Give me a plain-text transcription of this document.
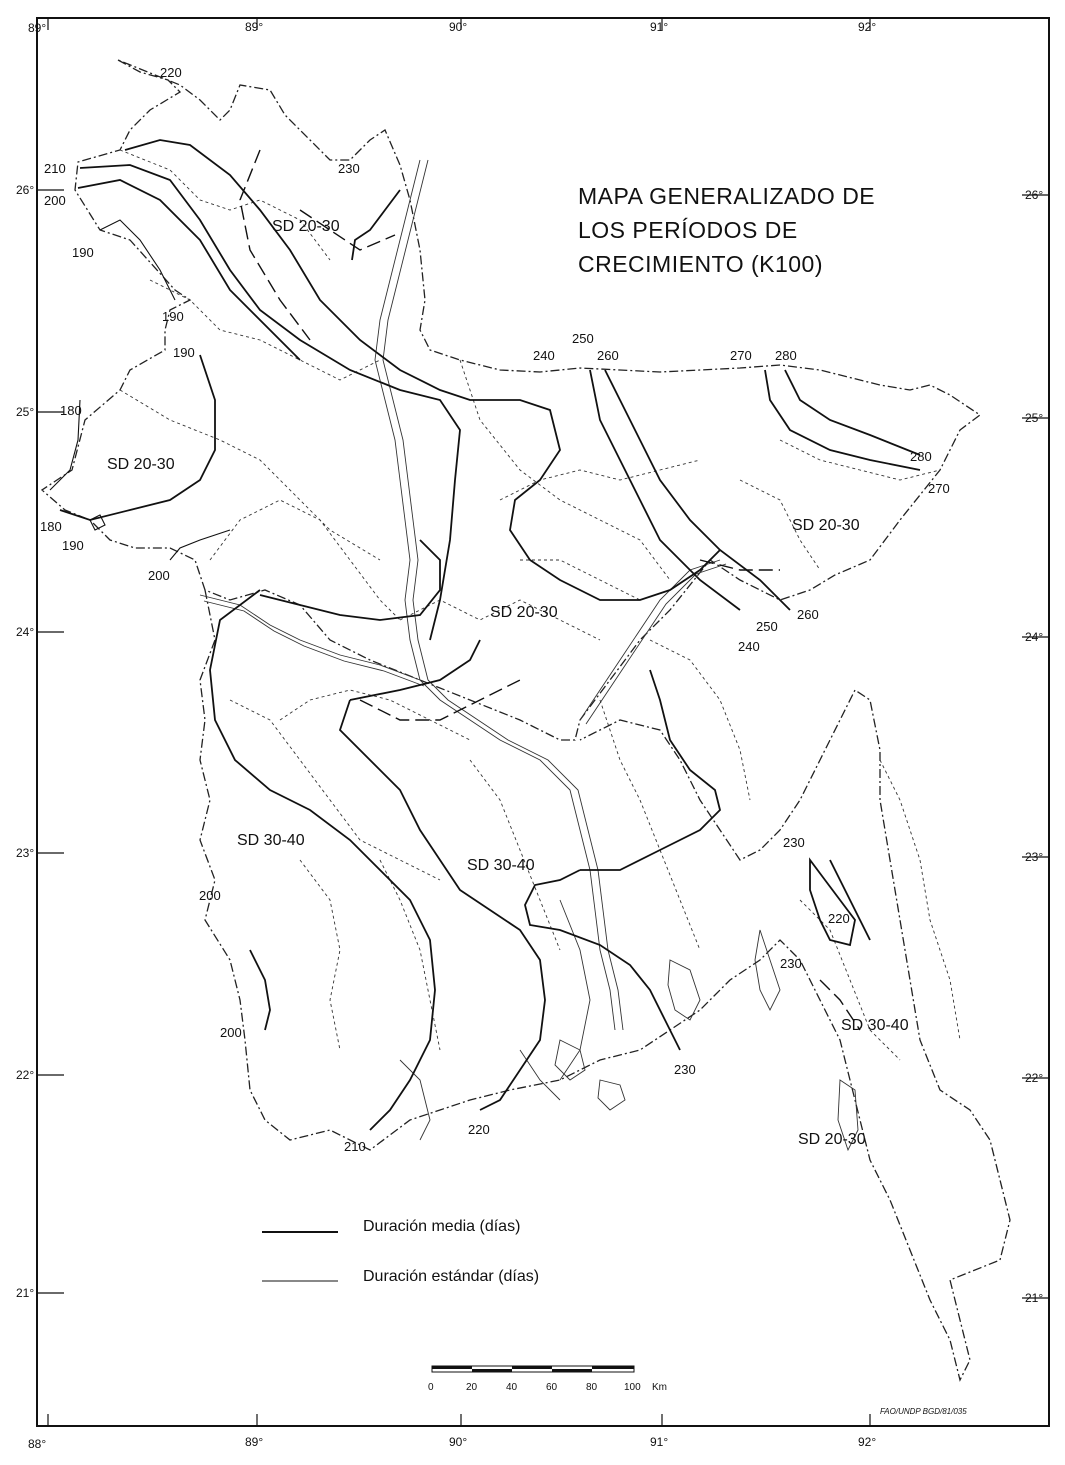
89°	89°	90°	91°	92°
88°	89°	90°	91°	92°
26°
25°
24°
23°
22°
21°
26°
25°
24°
23°
22°
21°
MAPA GENERALIZADO DE
LOS PERÍODOS DE
CRECIMIENTO (K100)
220
210
200
190
190
190
180
180
190
200
230
240
250
260	270 280
280
270
250
260
240
230
220
230
230
200
200
210
220
SD 20-30
SD 20-30
SD 20-30
SD 20-30
SD 30-40
SD 30-40
SD 30-40
SD 20-30
Duración media (días)
Duración estándar (días)
0	20	40	60	80	100 Km
FAO/UNDP BGD/81/035
